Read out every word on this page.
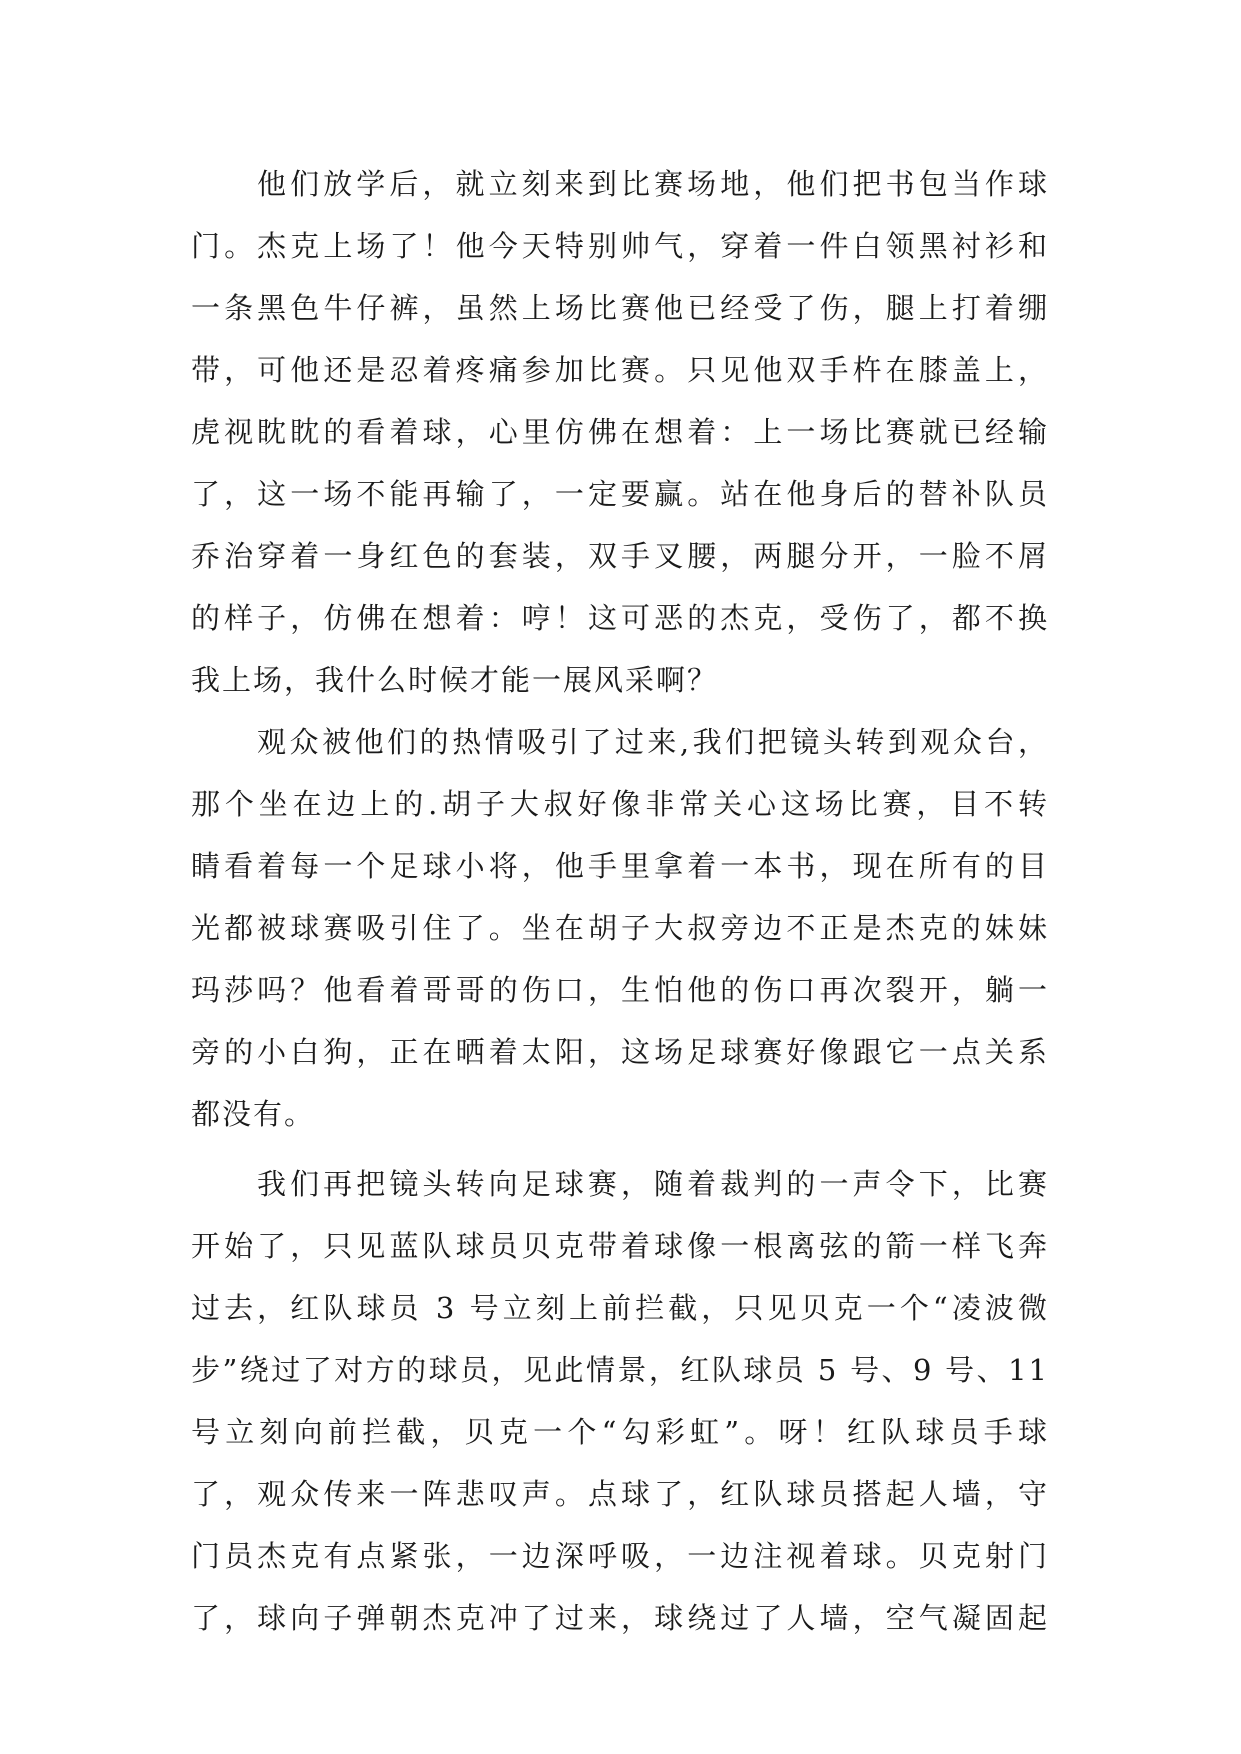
他们放学后，就立刻来到比赛场地，他们把书包当作球
门。杰克上场了！他今天特别帅气，穿着一件白领黑衬衫和
一条黑色牛仔裤，虽然上场比赛他已经受了伤，腿上打着绷
带，可他还是忍着疼痛参加比赛。只见他双手杵在膝盖上，
虎视眈眈的看着球，心里仿佛在想着：上一场比赛就已经输
了，这一场不能再输了，一定要赢。站在他身后的替补队员
乔治穿着一身红色的套装，双手叉腰，两腿分开，一脸不屑
的样子，仿佛在想着：哼！这可恶的杰克，受伤了，都不换
我上场，我什么时候才能一展风采啊？
观众被他们的热情吸引了过来,我们把镜头转到观众台，
那个坐在边上的.胡子大叔好像非常关心这场比赛，目不转
睛看着每一个足球小将，他手里拿着一本书，现在所有的目
光都被球赛吸引住了。坐在胡子大叔旁边不正是杰克的妹妹
玛莎吗？他看着哥哥的伤口，生怕他的伤口再次裂开，躺一
旁的小白狗，正在晒着太阳，这场足球赛好像跟它一点关系
都没有。
我们再把镜头转向足球赛，随着裁判的一声令下，比赛
开始了，只见蓝队球员贝克带着球像一根离弦的箭一样飞奔
过去，红队球员 3 号立刻上前拦截，只见贝克一个“凌波微
步”绕过了对方的球员，见此情景，红队球员 5 号、9 号、11
号立刻向前拦截，贝克一个“勾彩虹”。呀！红队球员手球
了，观众传来一阵悲叹声。点球了，红队球员搭起人墙，守
门员杰克有点紧张，一边深呼吸，一边注视着球。贝克射门
了，球向子弹朝杰克冲了过来，球绕过了人墙，空气凝固起
